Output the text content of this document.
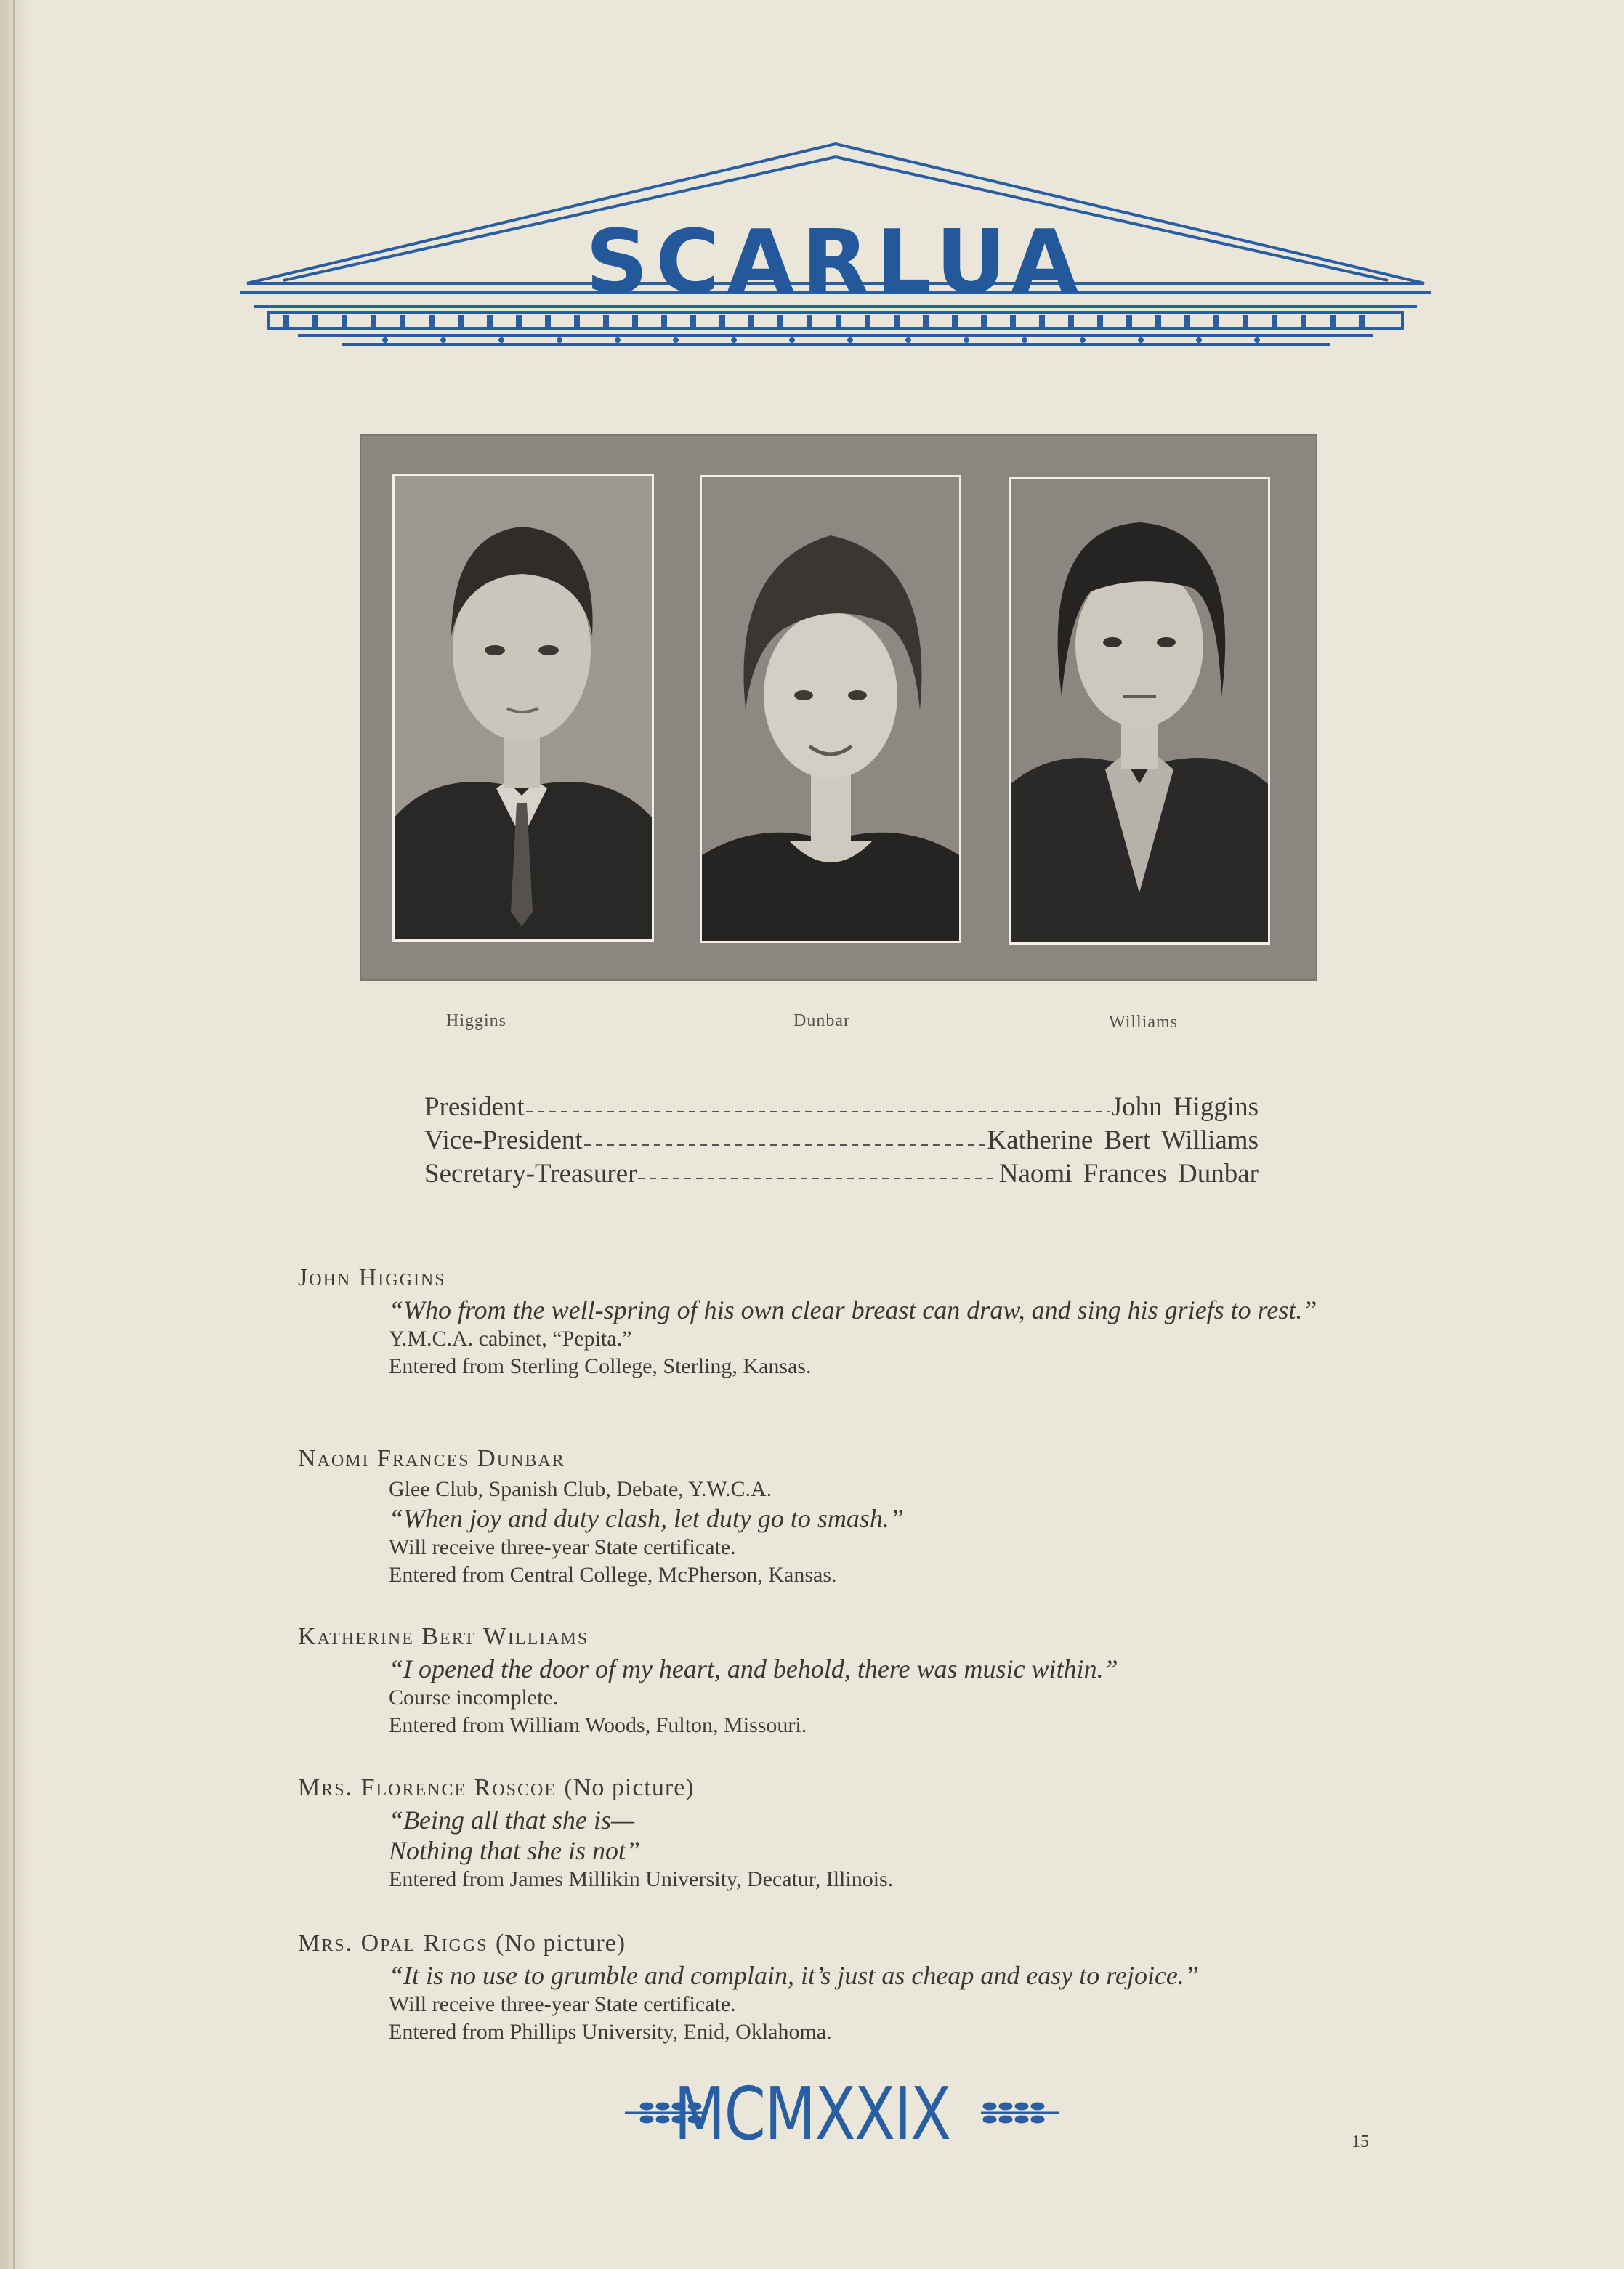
SCARLUA
Higgins	Dunbar	Williams
President	John Higgins
Vice-President	Katherine Bert Williams
Secretary-Treasurer	Naomi Frances Dunbar
John Higgins
“Who from the well-spring of his own clear breast can draw, and sing his griefs to rest.”
Y.M.C.A. cabinet, “Pepita.”
Entered from Sterling College, Sterling, Kansas.
Naomi Frances Dunbar
Glee Club, Spanish Club, Debate, Y.W.C.A.
“When joy and duty clash, let duty go to smash.”
Will receive three-year State certificate.
Entered from Central College, McPherson, Kansas.
Katherine Bert Williams
“I opened the door of my heart, and behold, there was music within.”
Course incomplete.
Entered from William Woods, Fulton, Missouri.
Mrs. Florence Roscoe (No picture)
“Being all that she is—
Nothing that she is not”
Entered from James Millikin University, Decatur, Illinois.
Mrs. Opal Riggs (No picture)
“It is no use to grumble and complain, it’s just as cheap and easy to rejoice.”
Will receive three-year State certificate.
Entered from Phillips University, Enid, Oklahoma.
MCMXXIX	15
